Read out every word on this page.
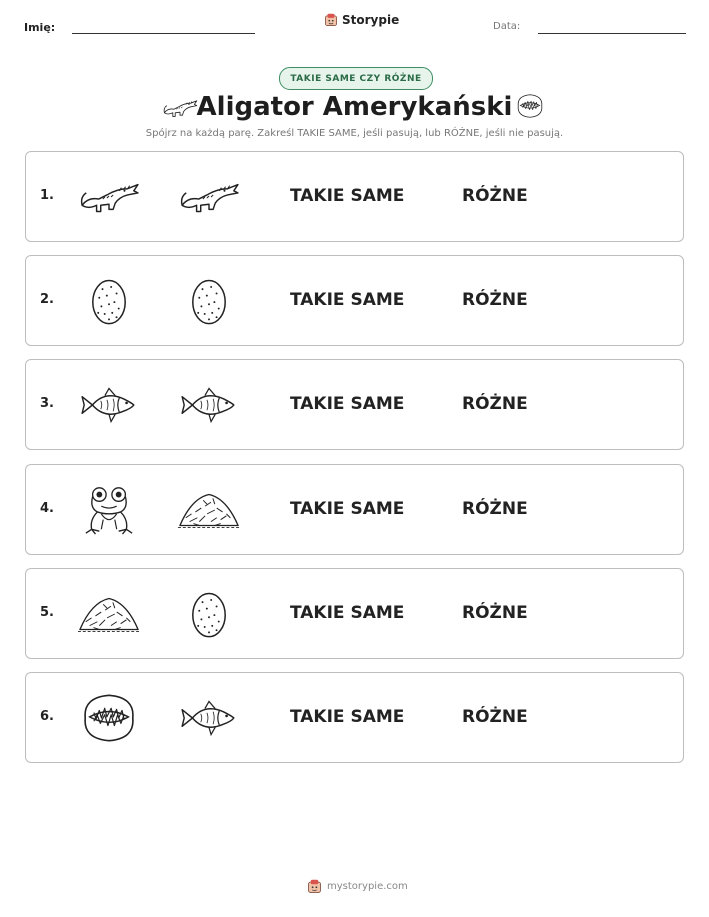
Imię:
Storypie	Data:
TAKIE SAME CZY RÓŻNE
Aligator Amerykański
Spójrz na każdą parę. Zakreśl TAKIE SAME, jeśli pasują, lub RÓŻNE, jeśli nie pasują.
1.	TAKIE SAME	RÓŻNE
2.	TAKIE SAME	RÓŻNE
3.	TAKIE SAME	RÓŻNE
4.	TAKIE SAME	RÓŻNE
5.	TAKIE SAME	RÓŻNE
6.	TAKIE SAME	RÓŻNE
mystorypie.com
